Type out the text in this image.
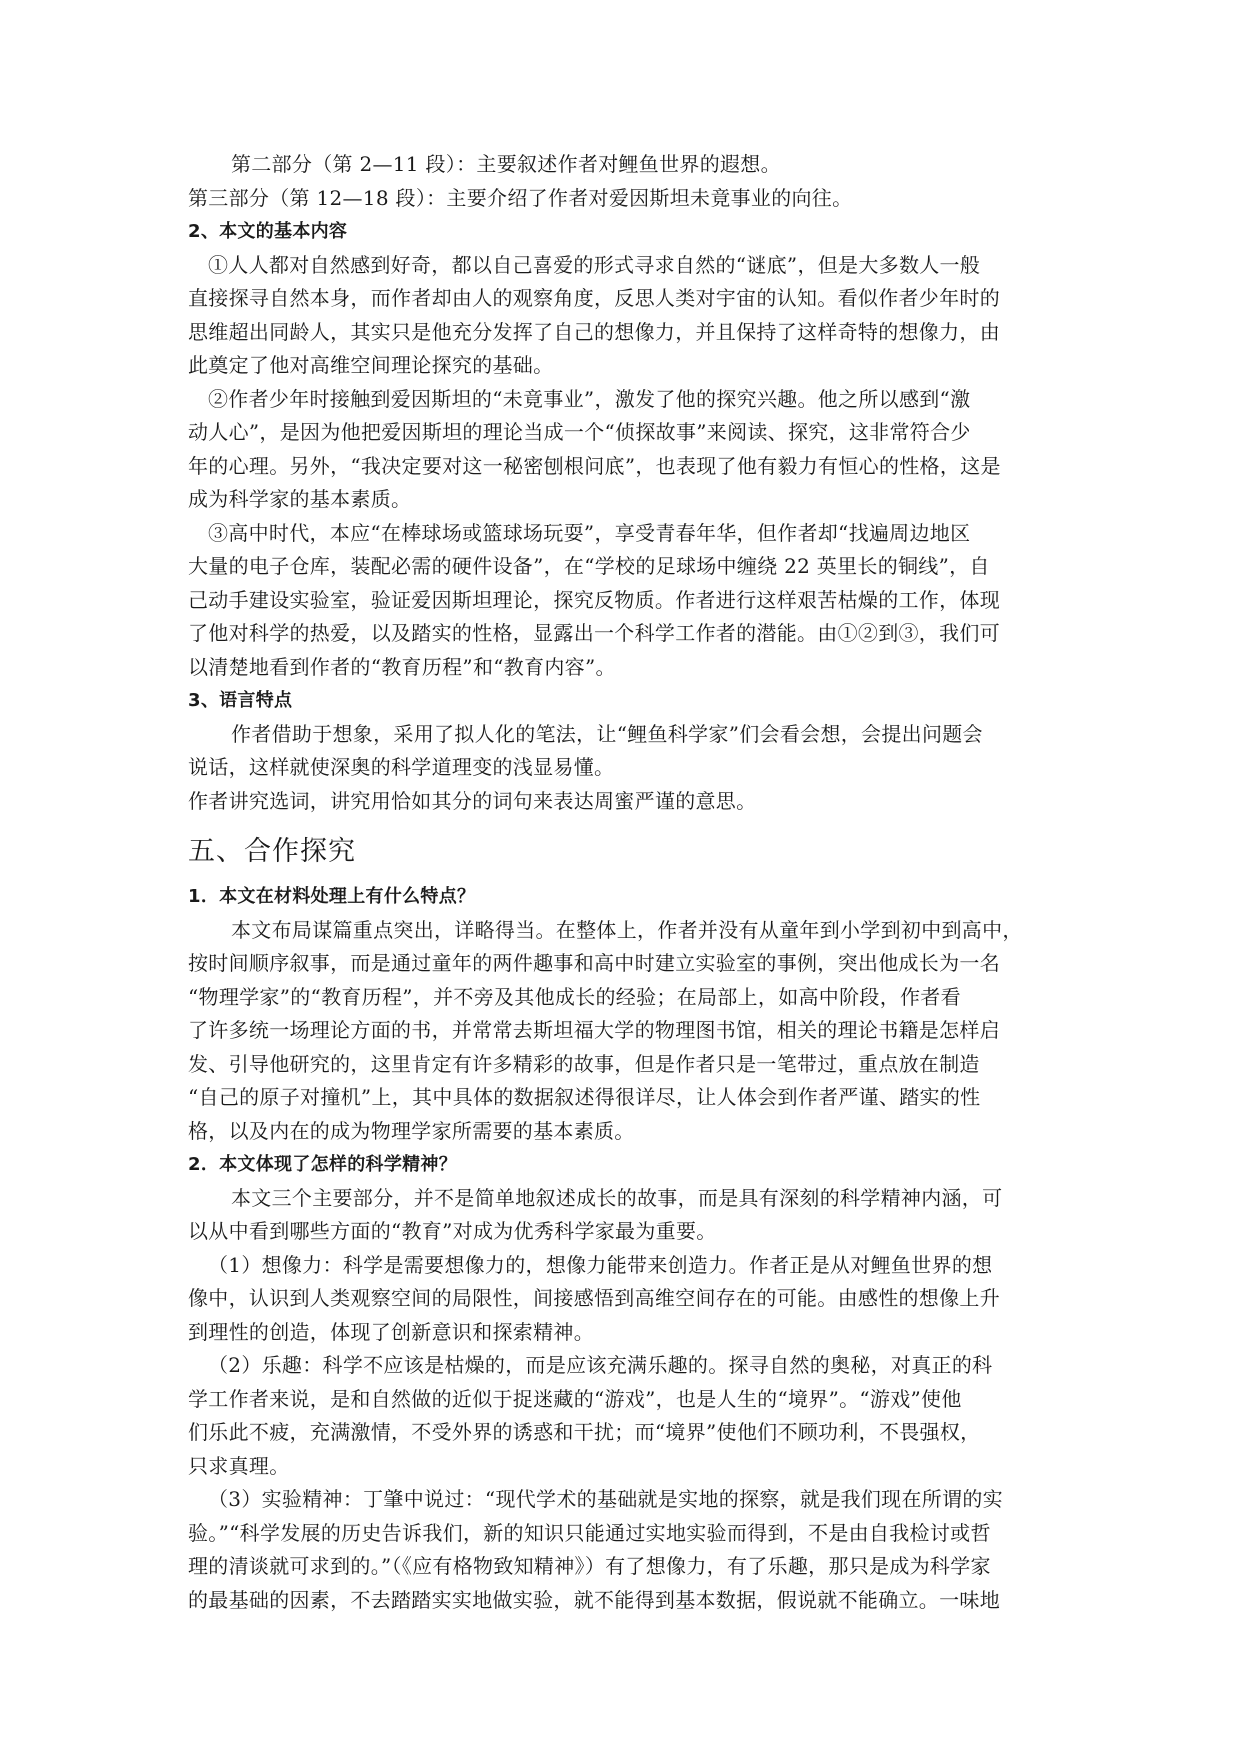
第二部分（第 2—11 段）：主要叙述作者对鲤鱼世界的遐想。

第三部分（第 12—18 段）：主要介绍了作者对爱因斯坦未竟事业的向往。

2、本文的基本内容

①人人都对自然感到好奇，都以自己喜爱的形式寻求自然的“谜底”，但是大多数人一般

直接探寻自然本身，而作者却由人的观察角度，反思人类对宇宙的认知。看似作者少年时的

思维超出同龄人，其实只是他充分发挥了自己的想像力，并且保持了这样奇特的想像力，由

此奠定了他对高维空间理论探究的基础。

②作者少年时接触到爱因斯坦的“未竟事业”，激发了他的探究兴趣。他之所以感到“激

动人心”，是因为他把爱因斯坦的理论当成一个“侦探故事”来阅读、探究，这非常符合少

年的心理。另外，“我决定要对这一秘密刨根问底”，也表现了他有毅力有恒心的性格，这是

成为科学家的基本素质。

③高中时代，本应“在棒球场或篮球场玩耍”，享受青春年华，但作者却“找遍周边地区

大量的电子仓库，装配必需的硬件设备”，在“学校的足球场中缠绕 22 英里长的铜线”，自

己动手建设实验室，验证爱因斯坦理论，探究反物质。作者进行这样艰苦枯燥的工作，体现

了他对科学的热爱，以及踏实的性格，显露出一个科学工作者的潜能。由①②到③，我们可

以清楚地看到作者的“教育历程”和“教育内容”。

3、语言特点

作者借助于想象，采用了拟人化的笔法，让“鲤鱼科学家”们会看会想，会提出问题会

说话，这样就使深奥的科学道理变的浅显易懂。

作者讲究选词，讲究用恰如其分的词句来表达周蜜严谨的意思。

五、合作探究

1．本文在材料处理上有什么特点？

本文布局谋篇重点突出，详略得当。在整体上，作者并没有从童年到小学到初中到高中，

按时间顺序叙事，而是通过童年的两件趣事和高中时建立实验室的事例，突出他成长为一名

“物理学家”的“教育历程”，并不旁及其他成长的经验；在局部上，如高中阶段，作者看

了许多统一场理论方面的书，并常常去斯坦福大学的物理图书馆，相关的理论书籍是怎样启

发、引导他研究的，这里肯定有许多精彩的故事，但是作者只是一笔带过，重点放在制造

“自己的原子对撞机”上，其中具体的数据叙述得很详尽，让人体会到作者严谨、踏实的性

格，以及内在的成为物理学家所需要的基本素质。

2．本文体现了怎样的科学精神？

本文三个主要部分，并不是简单地叙述成长的故事，而是具有深刻的科学精神内涵，可

以从中看到哪些方面的“教育”对成为优秀科学家最为重要。

（1）想像力：科学是需要想像力的，想像力能带来创造力。作者正是从对鲤鱼世界的想

像中，认识到人类观察空间的局限性，间接感悟到高维空间存在的可能。由感性的想像上升

到理性的创造，体现了创新意识和探索精神。

（2）乐趣：科学不应该是枯燥的，而是应该充满乐趣的。探寻自然的奥秘，对真正的科

学工作者来说，是和自然做的近似于捉迷藏的“游戏”，也是人生的“境界”。“游戏”使他

们乐此不疲，充满激情，不受外界的诱惑和干扰；而“境界”使他们不顾功利，不畏强权，

只求真理。

（3）实验精神：丁肇中说过：“现代学术的基础就是实地的探察，就是我们现在所谓的实

验。”“科学发展的历史告诉我们，新的知识只能通过实地实验而得到，不是由自我检讨或哲

理的清谈就可求到的。”（《应有格物致知精神》）有了想像力，有了乐趣，那只是成为科学家

的最基础的因素，不去踏踏实实地做实验，就不能得到基本数据，假说就不能确立。一味地
